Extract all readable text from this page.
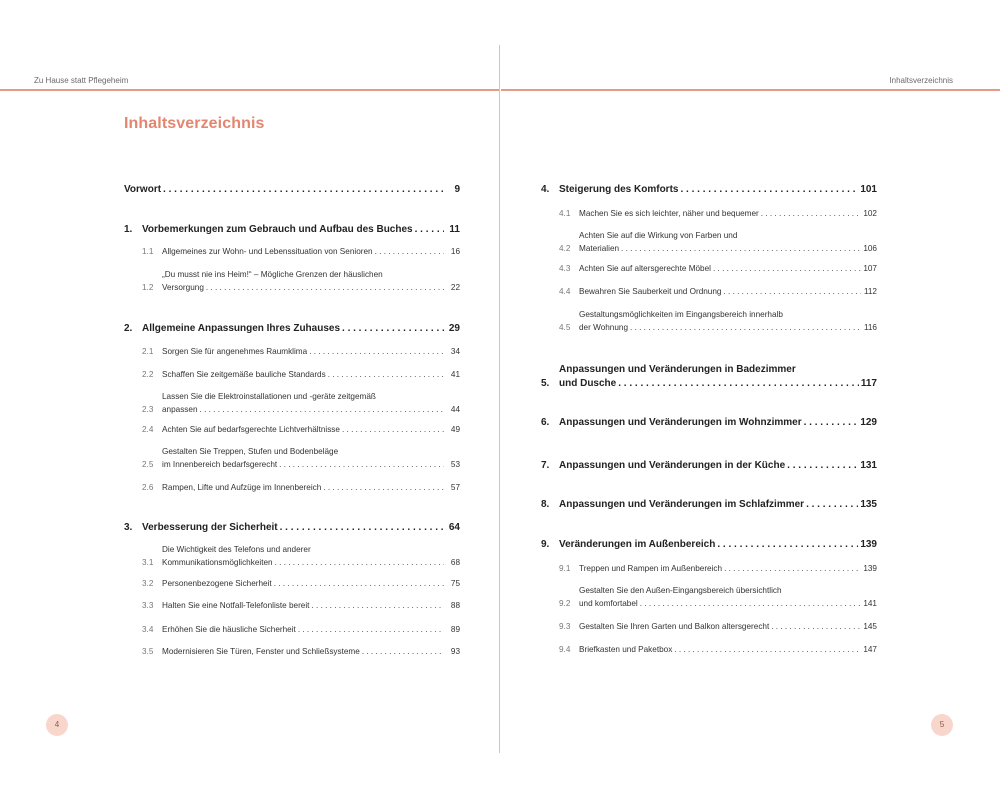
Zu Hause statt Pflegeheim
Inhaltsverzeichnis
Vorwort . . .	9
1. Vorbemerkungen zum Gebrauch und Aufbau des Buches . . .	11
1.1	Allgemeines zur Wohn- und Lebenssituation von Senioren . . .	16
1.2
„Du musst nie ins Heim!“ – Mögliche Grenzen der häuslichen
Versorgung . . .	22
2. Allgemeine Anpassungen Ihres Zuhauses . . .	29
2.1	Sorgen Sie für angenehmes Raumklima . . .	34
2.2	Schaffen Sie zeitgemäße bauliche Standards . . .	41
2.3
Lassen Sie die Elektroinstallationen und -geräte zeitgemäß
anpassen . . .	44
2.4	Achten Sie auf bedarfsgerechte Lichtverhältnisse . . .	49
2.5
Gestalten Sie Treppen, Stufen und Bodenbeläge
im Innenbereich bedarfsgerecht . . .	53
2.6	Rampen, Lifte und Aufzüge im Innenbereich . . .	57
3. Verbesserung der Sicherheit . . .	64
3.1
Die Wichtigkeit des Telefons und anderer
Kommunikationsmöglichkeiten . . .	68
3.2	Personenbezogene Sicherheit . . .	75
3.3	Halten Sie eine Notfall-Telefonliste bereit . . .	88
3.4	Erhöhen Sie die häusliche Sicherheit . . .	89
3.5	Modernisieren Sie Türen, Fenster und Schließsysteme . . .	93
4
Inhaltsverzeichnis
4. Steigerung des Komforts . . .	101
4.1	Machen Sie es sich leichter, näher und bequemer . . .	102
4.2
Achten Sie auf die Wirkung von Farben und
Materialien . . .	106
4.3	Achten Sie auf altersgerechte Möbel . . .	107
4.4	Bewahren Sie Sauberkeit und Ordnung . . .	112
4.5
Gestaltungsmöglichkeiten im Eingangsbereich innerhalb
der Wohnung . . .	116
5.
Anpassungen und Veränderungen in Badezimmer
und Dusche . . .	117
6. Anpassungen und Veränderungen im Wohnzimmer . . .	129
7. Anpassungen und Veränderungen in der Küche . . .	131
8. Anpassungen und Veränderungen im Schlafzimmer . . .	135
9. Veränderungen im Außenbereich . . .	139
9.1	Treppen und Rampen im Außenbereich . . .	139
9.2
Gestalten Sie den Außen-Eingangsbereich übersichtlich
und komfortabel . . .	141
9.3	Gestalten Sie Ihren Garten und Balkon altersgerecht . . .	145
9.4	Briefkasten und Paketbox . . .	147
5
